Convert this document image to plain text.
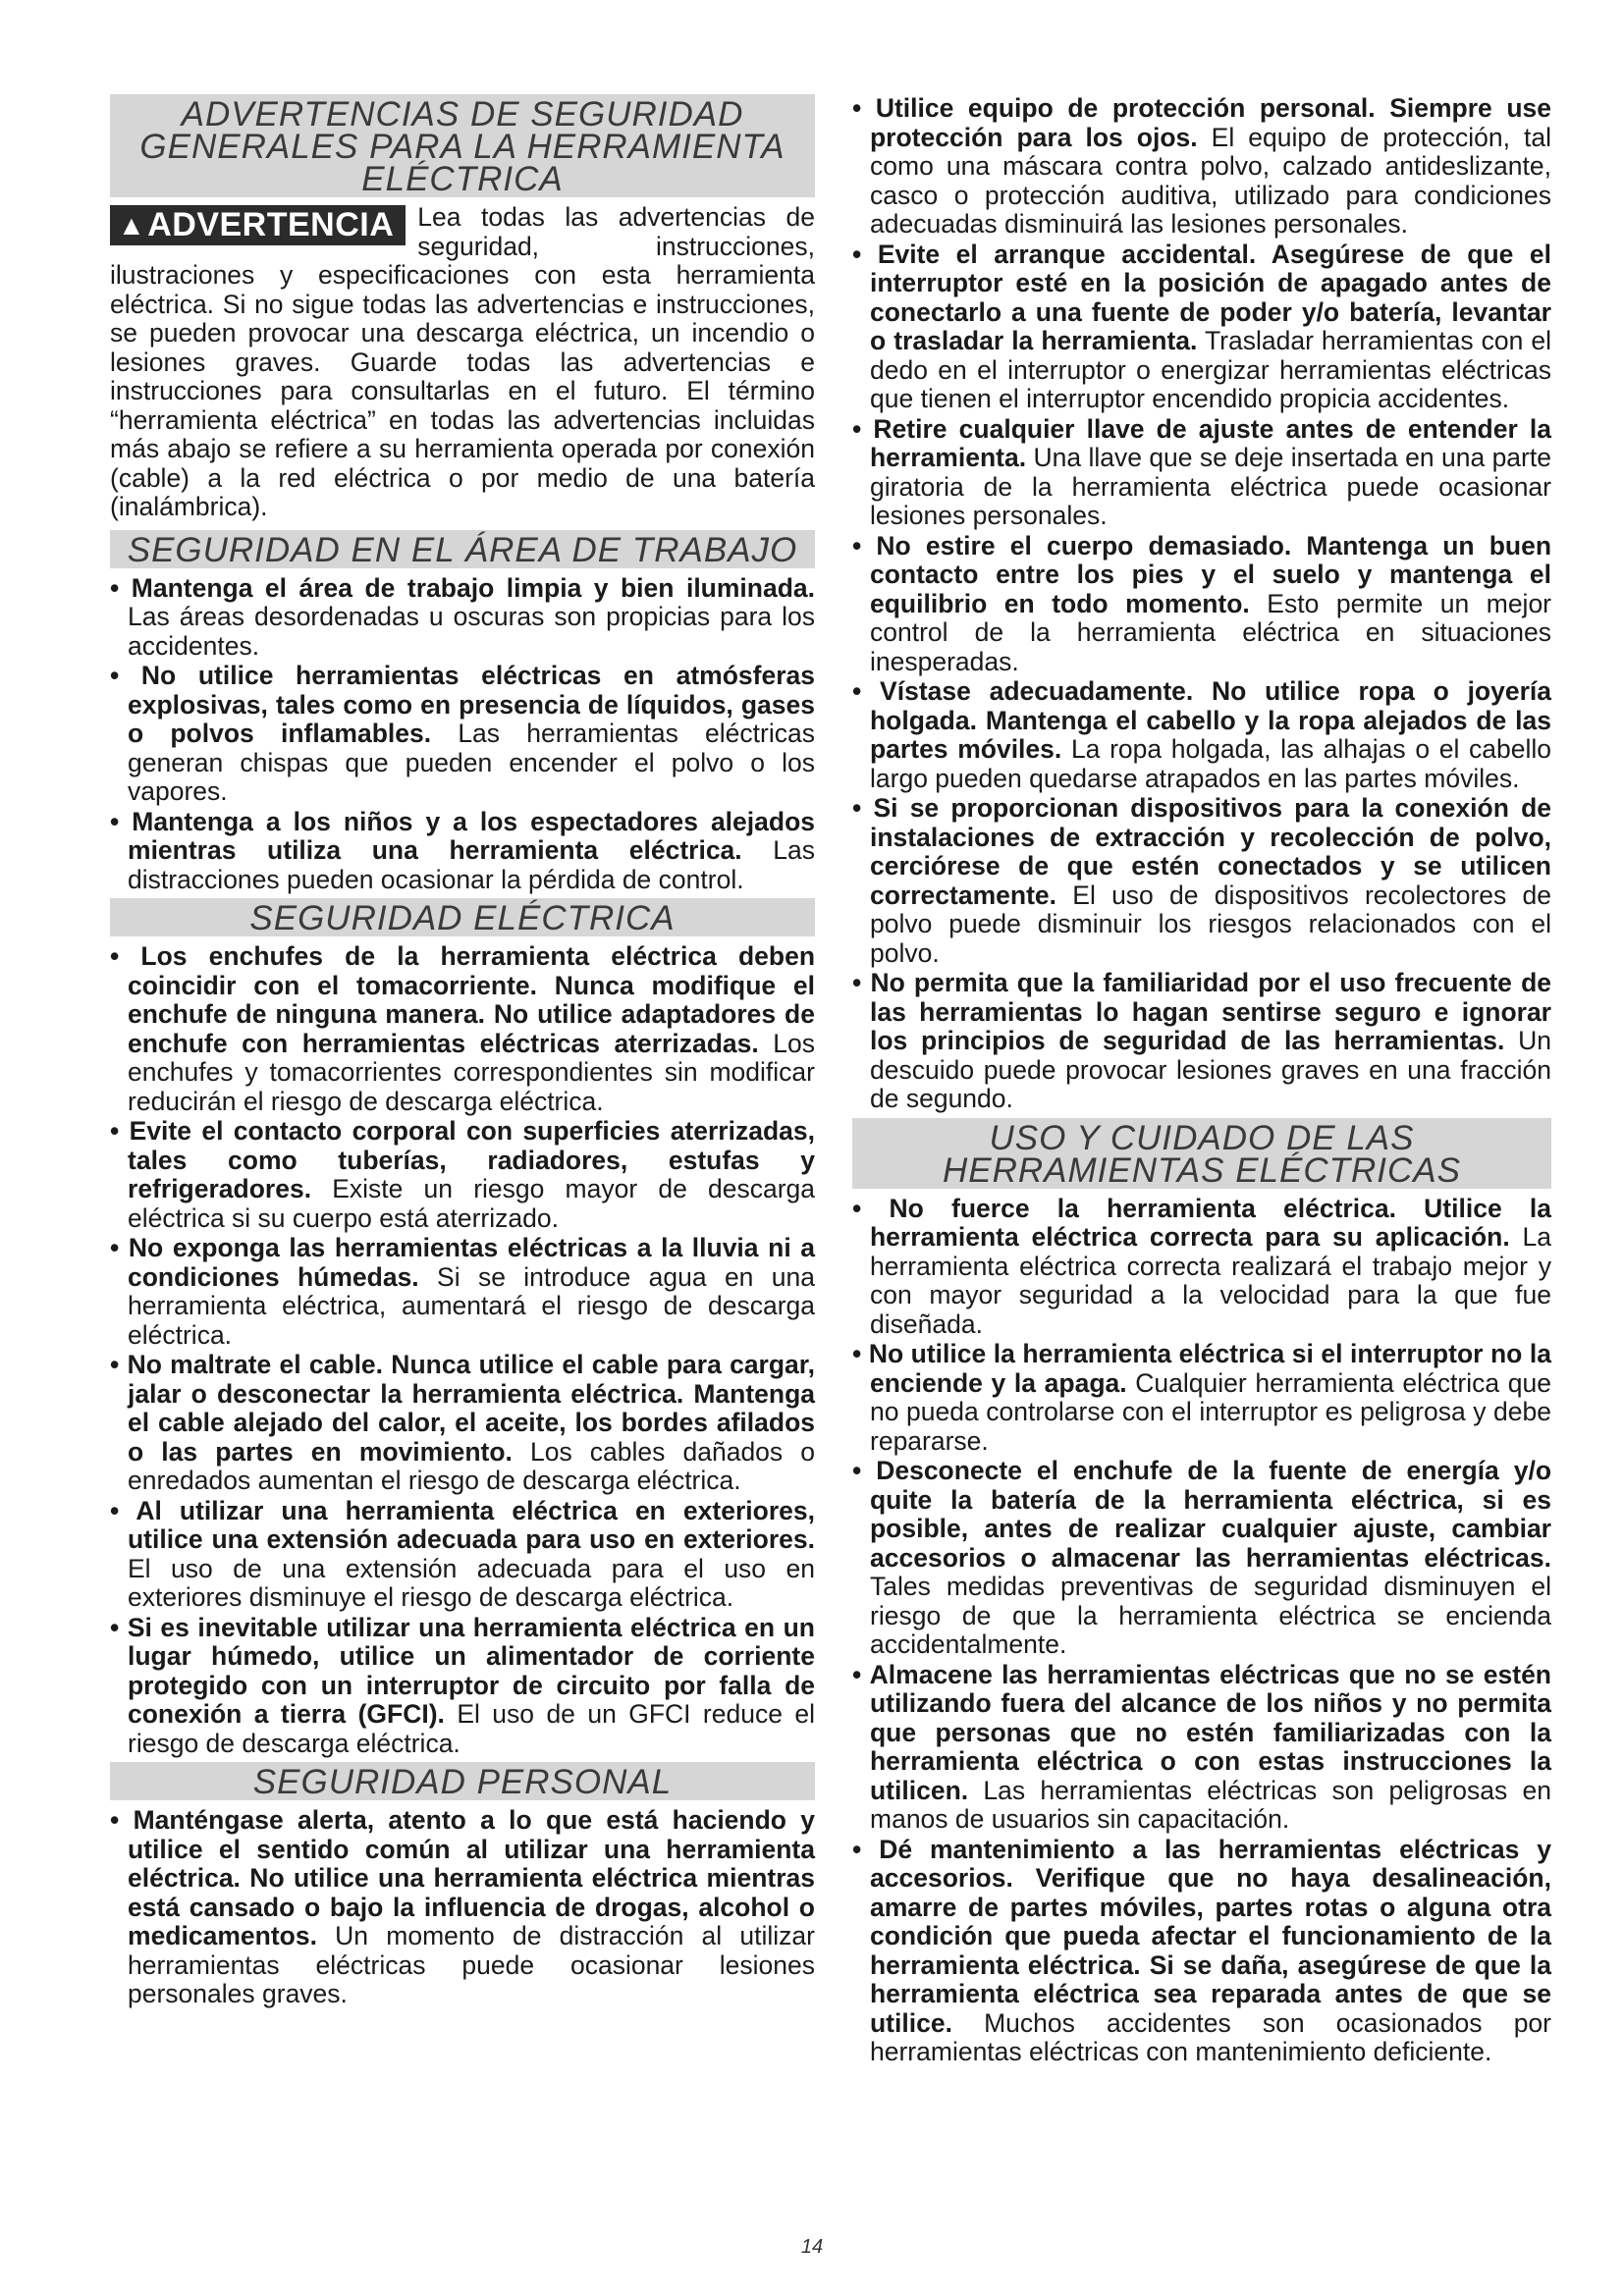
ADVERTENCIAS DE SEGURIDAD GENERALES PARA LA HERRAMIENTA ELÉCTRICA

▲ADVERTENCIA Lea todas las advertencias de seguridad, instrucciones, ilustraciones y especificaciones con esta herramienta eléctrica. Si no sigue todas las advertencias e instrucciones, se pueden provocar una descarga eléctrica, un incendio o lesiones graves. Guarde todas las advertencias e instrucciones para consultarlas en el futuro. El término “herramienta eléctrica” en todas las advertencias incluidas más abajo se refiere a su herramienta operada por conexión (cable) a la red eléctrica o por medio de una batería (inalámbrica).

SEGURIDAD EN EL ÁREA DE TRABAJO
• Mantenga el área de trabajo limpia y bien iluminada. Las áreas desordenadas u oscuras son propicias para los accidentes.
• No utilice herramientas eléctricas en atmósferas explosivas, tales como en presencia de líquidos, gases o polvos inflamables. Las herramientas eléctricas generan chispas que pueden encender el polvo o los vapores.
• Mantenga a los niños y a los espectadores alejados mientras utiliza una herramienta eléctrica. Las distracciones pueden ocasionar la pérdida de control.
SEGURIDAD ELÉCTRICA
• Los enchufes de la herramienta eléctrica deben coincidir con el tomacorriente. Nunca modifique el enchufe de ninguna manera. No utilice adaptadores de enchufe con herramientas eléctricas aterrizadas. Los enchufes y tomacorrientes correspondientes sin modificar reducirán el riesgo de descarga eléctrica.
• Evite el contacto corporal con superficies aterrizadas, tales como tuberías, radiadores, estufas y refrigeradores. Existe un riesgo mayor de descarga eléctrica si su cuerpo está aterrizado.
• No exponga las herramientas eléctricas a la lluvia ni a condiciones húmedas. Si se introduce agua en una herramienta eléctrica, aumentará el riesgo de descarga eléctrica.
• No maltrate el cable. Nunca utilice el cable para cargar, jalar o desconectar la herramienta eléctrica. Mantenga el cable alejado del calor, el aceite, los bordes afilados o las partes en movimiento. Los cables dañados o enredados aumentan el riesgo de descarga eléctrica.
• Al utilizar una herramienta eléctrica en exteriores, utilice una extensión adecuada para uso en exteriores. El uso de una extensión adecuada para el uso en exteriores disminuye el riesgo de descarga eléctrica.
• Si es inevitable utilizar una herramienta eléctrica en un lugar húmedo, utilice un alimentador de corriente protegido con un interruptor de circuito por falla de conexión a tierra (GFCI). El uso de un GFCI reduce el riesgo de descarga eléctrica.
SEGURIDAD PERSONAL
• Manténgase alerta, atento a lo que está haciendo y utilice el sentido común al utilizar una herramienta eléctrica. No utilice una herramienta eléctrica mientras está cansado o bajo la influencia de drogas, alcohol o medicamentos. Un momento de distracción al utilizar herramientas eléctricas puede ocasionar lesiones personales graves.
• Utilice equipo de protección personal. Siempre use protección para los ojos. El equipo de protección, tal como una máscara contra polvo, calzado antideslizante, casco o protección auditiva, utilizado para condiciones adecuadas disminuirá las lesiones personales.
• Evite el arranque accidental. Asegúrese de que el interruptor esté en la posición de apagado antes de conectarlo a una fuente de poder y/o batería, levantar o trasladar la herramienta. Trasladar herramientas con el dedo en el interruptor o energizar herramientas eléctricas que tienen el interruptor encendido propicia accidentes.
• Retire cualquier llave de ajuste antes de entender la herramienta. Una llave que se deje insertada en una parte giratoria de la herramienta eléctrica puede ocasionar lesiones personales.
• No estire el cuerpo demasiado. Mantenga un buen contacto entre los pies y el suelo y mantenga el equilibrio en todo momento. Esto permite un mejor control de la herramienta eléctrica en situaciones inesperadas.
• Vístase adecuadamente. No utilice ropa o joyería holgada. Mantenga el cabello y la ropa alejados de las partes móviles. La ropa holgada, las alhajas o el cabello largo pueden quedarse atrapados en las partes móviles.
• Si se proporcionan dispositivos para la conexión de instalaciones de extracción y recolección de polvo, cerciórese de que estén conectados y se utilicen correctamente. El uso de dispositivos recolectores de polvo puede disminuir los riesgos relacionados con el polvo.
• No permita que la familiaridad por el uso frecuente de las herramientas lo hagan sentirse seguro e ignorar los principios de seguridad de las herramientas. Un descuido puede provocar lesiones graves en una fracción de segundo.
USO Y CUIDADO DE LAS HERRAMIENTAS ELÉCTRICAS
• No fuerce la herramienta eléctrica. Utilice la herramienta eléctrica correcta para su aplicación. La herramienta eléctrica correcta realizará el trabajo mejor y con mayor seguridad a la velocidad para la que fue diseñada.
• No utilice la herramienta eléctrica si el interruptor no la enciende y la apaga. Cualquier herramienta eléctrica que no pueda controlarse con el interruptor es peligrosa y debe repararse.
• Desconecte el enchufe de la fuente de energía y/o quite la batería de la herramienta eléctrica, si es posible, antes de realizar cualquier ajuste, cambiar accesorios o almacenar las herramientas eléctricas. Tales medidas preventivas de seguridad disminuyen el riesgo de que la herramienta eléctrica se encienda accidentalmente.
• Almacene las herramientas eléctricas que no se estén utilizando fuera del alcance de los niños y no permita que personas que no estén familiarizadas con la herramienta eléctrica o con estas instrucciones la utilicen. Las herramientas eléctricas son peligrosas en manos de usuarios sin capacitación.
• Dé mantenimiento a las herramientas eléctricas y accesorios. Verifique que no haya desalineación, amarre de partes móviles, partes rotas o alguna otra condición que pueda afectar el funcionamiento de la herramienta eléctrica. Si se daña, asegúrese de que la herramienta eléctrica sea reparada antes de que se utilice. Muchos accidentes son ocasionados por herramientas eléctricas con mantenimiento deficiente.
14
